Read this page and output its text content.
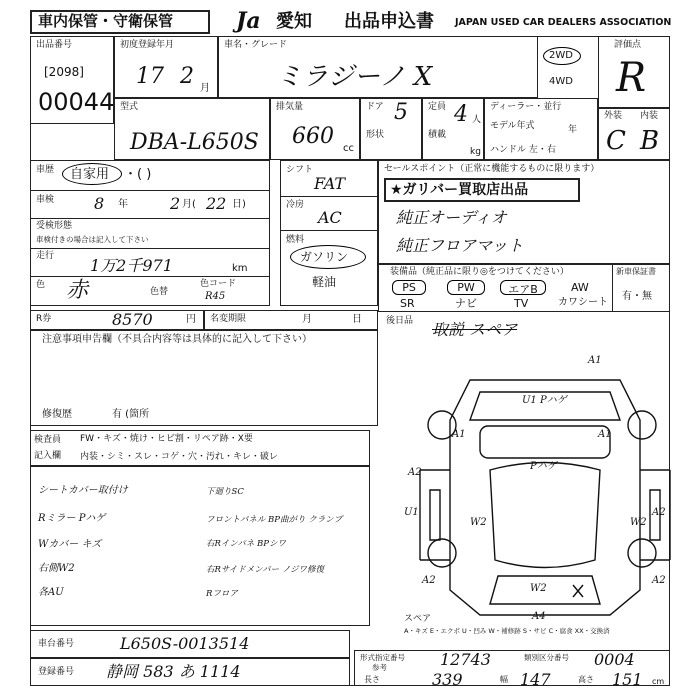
車内保管・守衛保管	Ja 愛知 出品申込書 JAPAN USED CAR DEALERS ASSOCIATION
出品番号
[2098]
00044
初度登録年月
17 2 月
車名・グレード
ミラジーノ X
2WD
4WD
評価点
R
型式
DBA-L650S
排気量
660 cc
ドア 5
形状
定員 4 人
積載
kg
ディーラー・並行
モデル年式	年
ハンドル 左・右
外装 内装
C B
車歴 自家用 ・( )
車検 8 年	2 月( 22 日)
受検形態
車検付きの場合は記入して下さい
走行 1万2千971	km
色 赤	色替
色コード
R45
シフト
FAT
冷房
AC
燃料
ガソリン
軽油
セールスポイント（正常に機能するものに限ります）
★ガリバー買取店出品
純正オーディオ
純正フロアマット
装備品（純正品に限り◎をつけてください）	新車保証書
有・無
PS	PW	エアB	AW
SR	ナビ	TV	カワシート
R券	8570	円 名変期限	月	日	後日品 取説 スペア
注意事項申告欄（不具合内容等は具体的に記入して下さい）
修復歴	有 (箇所
検査員
記入欄
FW・キズ・焼け・ヒビ割・リペア跡・X要
内装・シミ・スレ・コゲ・穴・汚れ・キレ・破レ
シートカバー取付け
Rミラー Pハゲ
Wカバー キズ
右側W2
各AU
下廻りSC
フロントパネル BP曲がり クランプ
右Rインパネ BPシワ
右Rサイドメンバー ノジワ修復
Rフロア
A1
U1 Pハゲ
A1
Pハゲ
A2
U1
W2
A2
A2
W2
A2
A4
A1
W2
スペア
A・キズ E・エクボ U・凹み W・補修跡 S・サビ C・腐食 XX・交換済
車台番号	L650S-0013514
登録番号 静岡 583 あ 1114
形式指定番号
参考	12743	類別区分番号 0004
長さ	339	幅 147	高さ 151 cm
